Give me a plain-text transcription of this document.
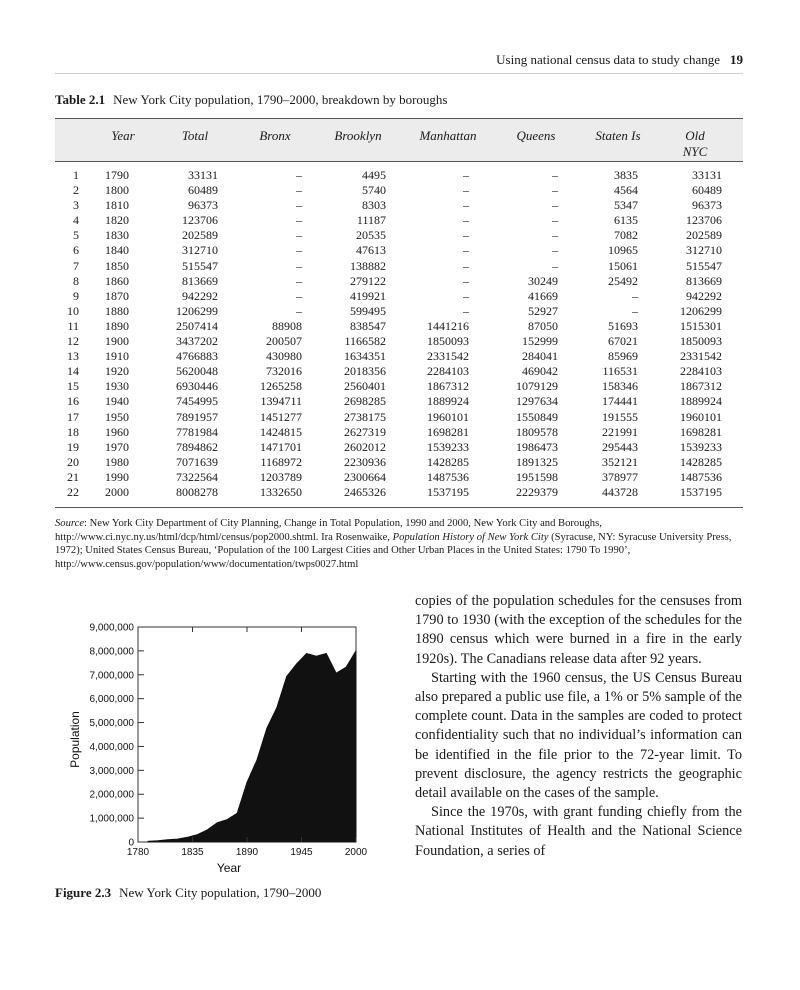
Using national census data to study change 19
Table 2.1 New York City population, 1790–2000, breakdown by boroughs
Year	Total	Bronx	Brooklyn	Manhattan	Queens	Staten Is	Old
NYC
1 1790	33131	–	4495	–	–	3835	33131
2 1800	60489	–	5740	–	–	4564	60489
3 1810	96373	–	8303	–	–	5347	96373
4 1820	123706	–	11187	–	–	6135	123706
5 1830	202589	–	20535	–	–	7082	202589
6 1840	312710	–	47613	–	–	10965	312710
7 1850	515547	–	138882	–	–	15061	515547
8 1860	813669	–	279122	–	30249	25492	813669
9 1870	942292	–	419921	–	41669	–	942292
10 1880	1206299	–	599495	–	52927	–	1206299
11 1890	2507414	88908	838547	1441216	87050	51693	1515301
12 1900	3437202	200507	1166582	1850093	152999	67021	1850093
13 1910	4766883	430980	1634351	2331542	284041	85969	2331542
14 1920	5620048	732016	2018356	2284103	469042	116531	2284103
15 1930	6930446	1265258	2560401	1867312	1079129	158346	1867312
16 1940	7454995	1394711	2698285	1889924	1297634	174441	1889924
17 1950	7891957	1451277	2738175	1960101	1550849	191555	1960101
18 1960	7781984	1424815	2627319	1698281	1809578	221991	1698281
19 1970	7894862	1471701	2602012	1539233	1986473	295443	1539233
20 1980	7071639	1168972	2230936	1428285	1891325	352121	1428285
21 1990	7322564	1203789	2300664	1487536	1951598	378977	1487536
22 2000	8008278	1332650	2465326	1537195	2229379	443728	1537195
Source: New York City Department of City Planning, Change in Total Population, 1990 and 2000, New York City and Boroughs, http://www.ci.nyc.ny.us/html/dcp/html/census/pop2000.shtml. Ira Rosenwaike, Population History of New York City (Syracuse, NY: Syracuse University Press, 1972); United States Census Bureau, ‘Population of the 100 Largest Cities and Other Urban Places in the United States: 1790 To 1990’, http://www.census.gov/population/www/documentation/twps0027.html
0
1,000,000
2,000,000
3,000,000
4,000,000
5,000,000
6,000,000
7,000,000
8,000,000
9,000,000
1780	1835	1890	1945	2000
Year
Population
Figure 2.3 New York City population, 1790–2000

copies of the population schedules for the censuses from 1790 to 1930 (with the exception of the schedules for the 1890 census which were burned in a fire in the early 1920s). The Canadians release data after 92 years.

Starting with the 1960 census, the US Census Bureau also prepared a public use file, a 1% or 5% sample of the complete count. Data in the samples are coded to protect confidentiality such that no individual’s information can be identified in the file prior to the 72-year limit. To prevent disclosure, the agency restricts the geographic detail available on the cases of the sample.

Since the 1970s, with grant funding chiefly from the National Institutes of Health and the National Science Foundation, a series of
